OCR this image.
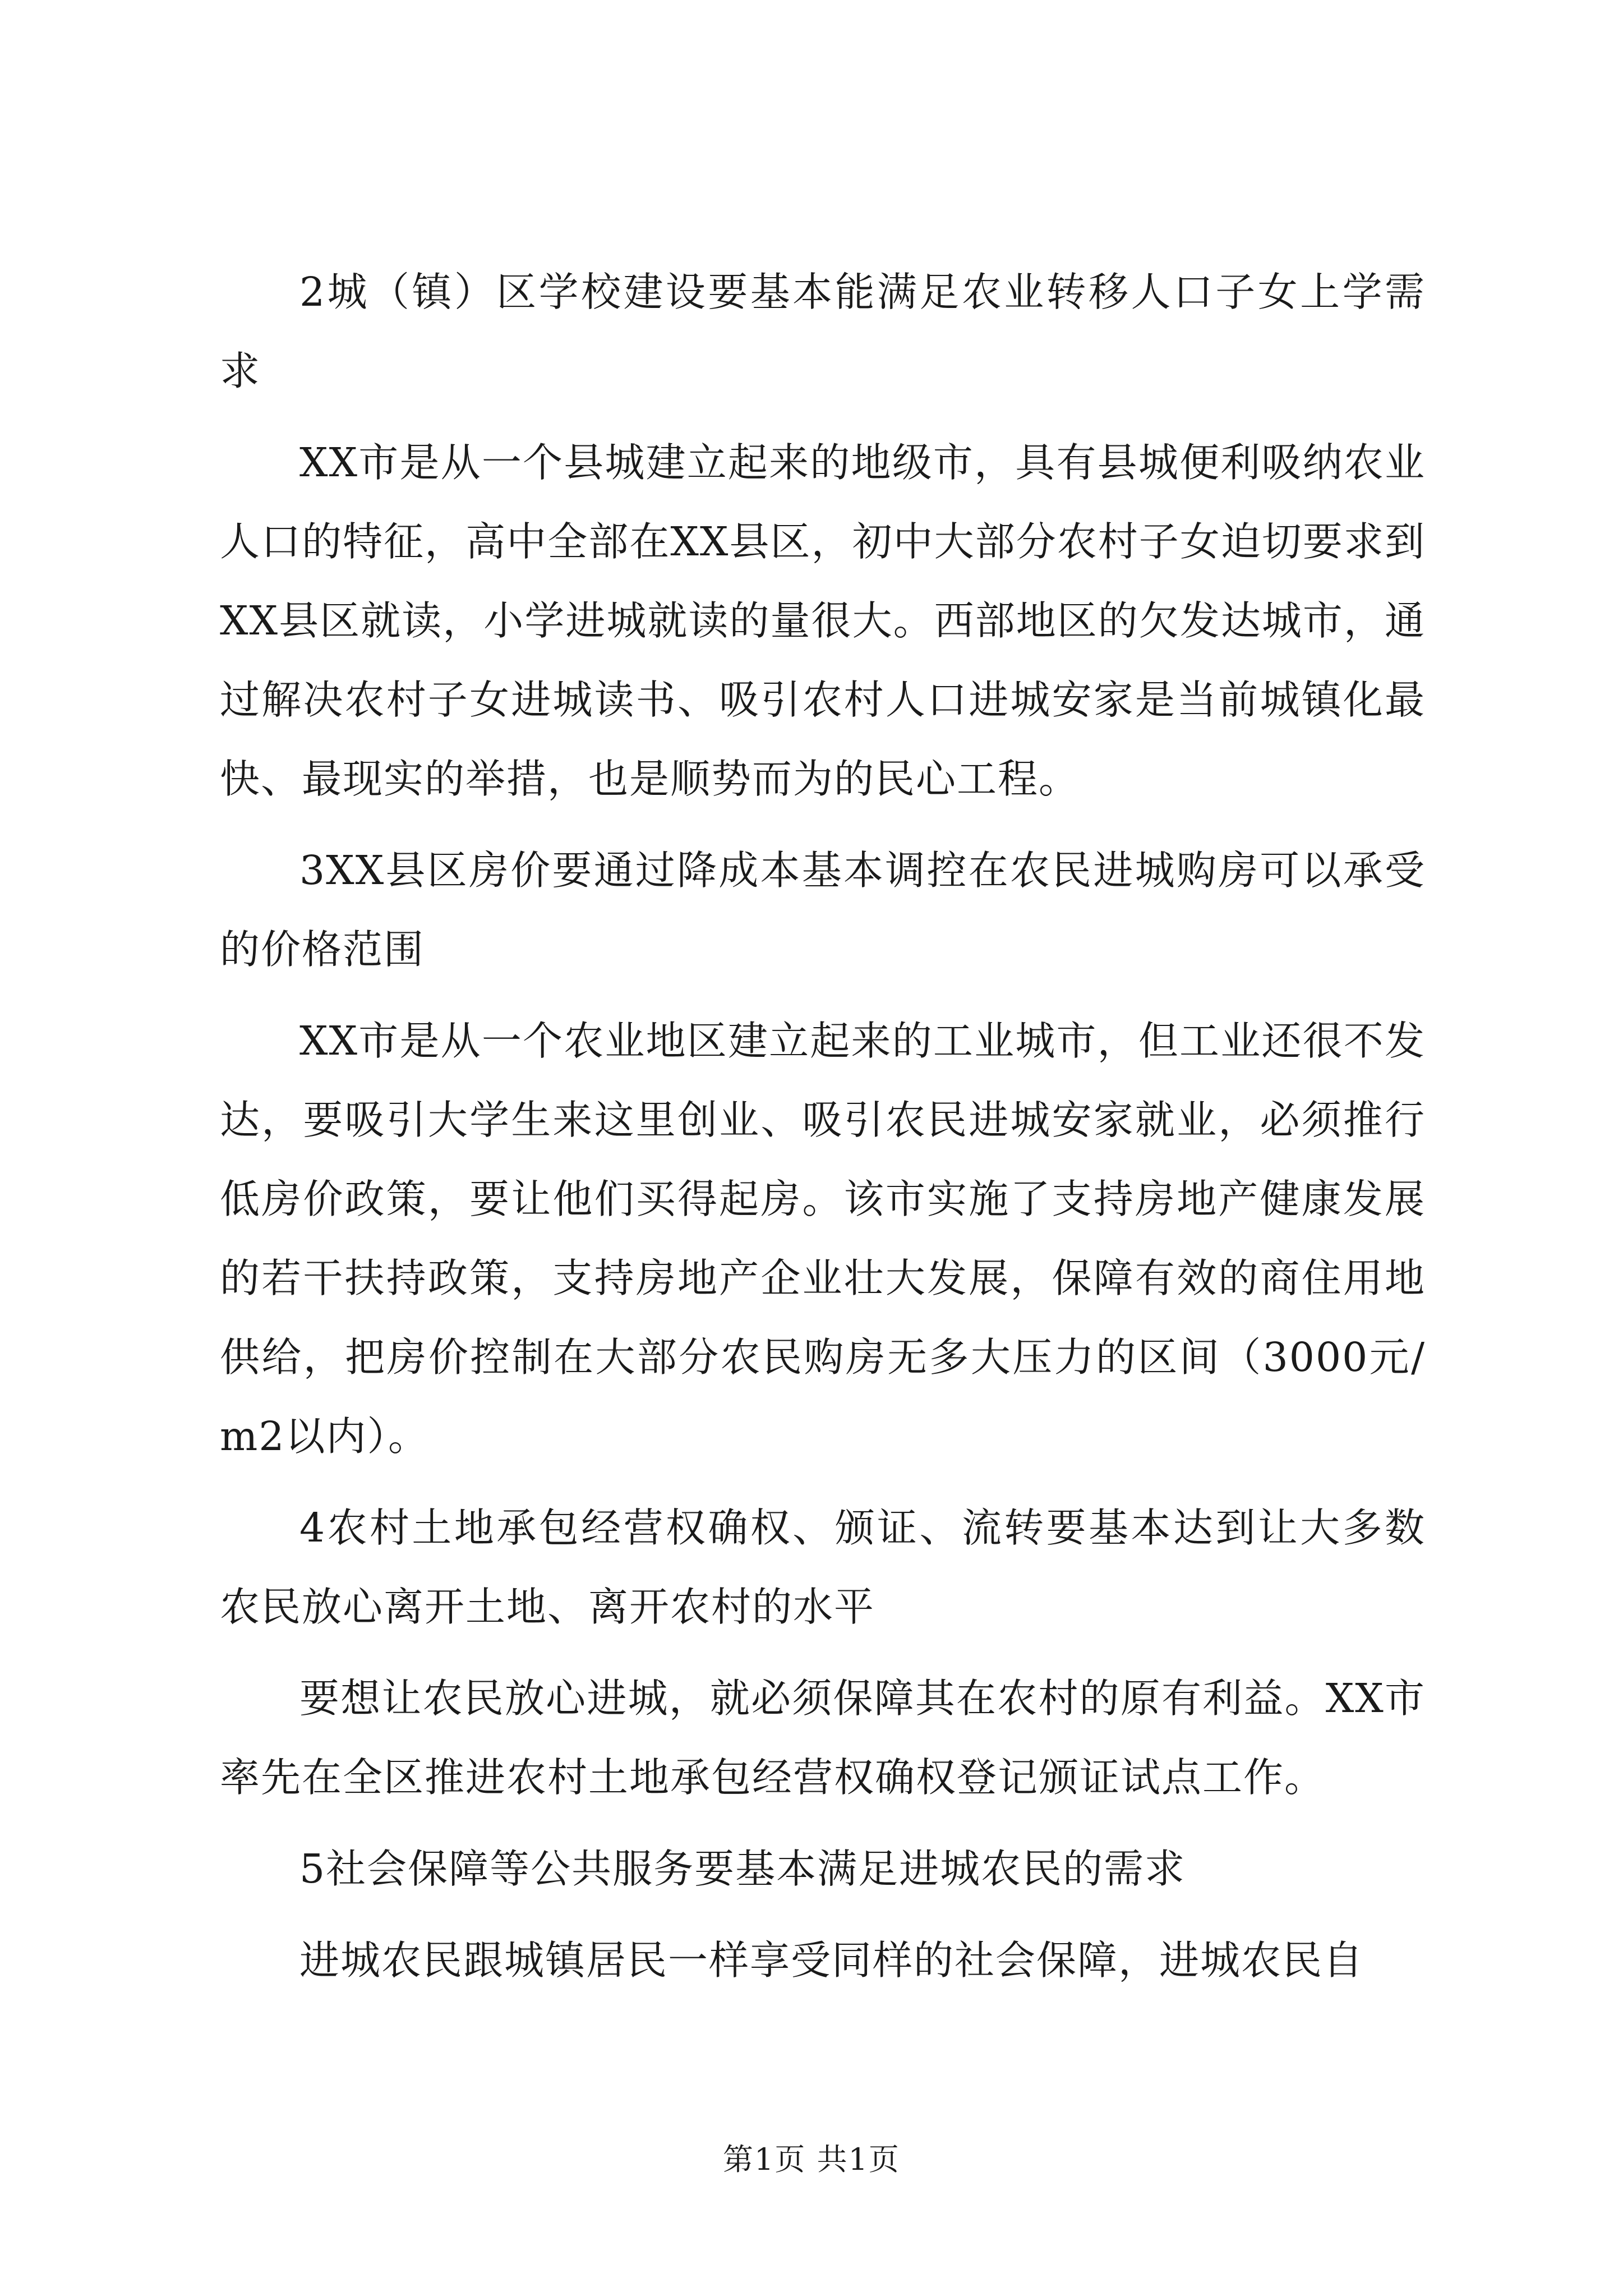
2城（镇）区学校建设要基本能满足农业转移人口子女上学需求

XX市是从一个县城建立起来的地级市，具有县城便利吸纳农业人口的特征，高中全部在XX县区，初中大部分农村子女迫切要求到XX县区就读，小学进城就读的量很大。西部地区的欠发达城市，通过解决农村子女进城读书、吸引农村人口进城安家是当前城镇化最快、最现实的举措，也是顺势而为的民心工程。

3XX县区房价要通过降成本基本调控在农民进城购房可以承受的价格范围

XX市是从一个农业地区建立起来的工业城市，但工业还很不发达，要吸引大学生来这里创业、吸引农民进城安家就业，必须推行低房价政策，要让他们买得起房。该市实施了支持房地产健康发展的若干扶持政策，支持房地产企业壮大发展，保障有效的商住用地供给，把房价控制在大部分农民购房无多大压力的区间（3000元/m2以内）。

4农村土地承包经营权确权、颁证、流转要基本达到让大多数农民放心离开土地、离开农村的水平

要想让农民放心进城，就必须保障其在农村的原有利益。XX市率先在全区推进农村土地承包经营权确权登记颁证试点工作。

5社会保障等公共服务要基本满足进城农民的需求

进城农民跟城镇居民一样享受同样的社会保障，进城农民自

第1页 共1页
